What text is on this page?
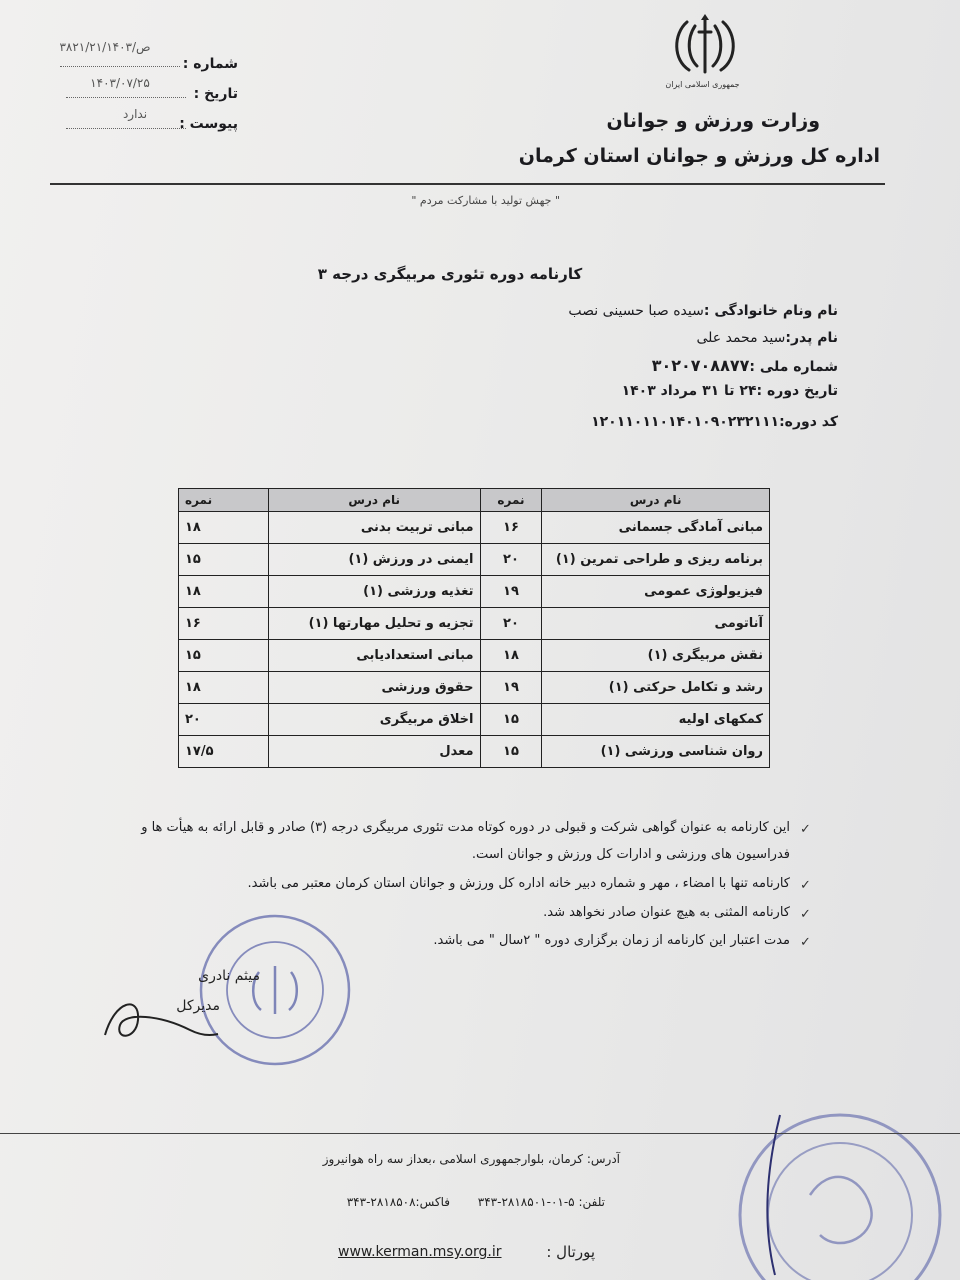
جمهوری اسلامی ایران
وزارت ورزش و جوانان
اداره کل ورزش و جوانان استان کرمان
شماره :
۳۸۲۱/ص/۲۱/۱۴۰۳
تاریخ :
۱۴۰۳/۰۷/۲۵
پیوست :
ندارد
" جهش تولید با مشارکت مردم "
کارنامه دوره تئوری مربیگری درجه ۳
نام ونام خانوادگی :سیده صبا حسینی نصب
نام پدر:سید محمد علی
شماره ملی :۳۰۲۰۷۰۸۸۷۷
تاریخ دوره :۲۴ تا ۳۱ مرداد ۱۴۰۳
کد دوره:۱۲۰۱۱۰۱۱۰۱۴۰۱۰۹۰۲۳۲۱۱۱
نام درس	نمره	نام درس	نمره
مبانی آمادگی جسمانی	۱۶	مبانی تربیت بدنی	۱۸
برنامه ریزی و طراحی تمرین (۱)	۲۰	ایمنی در ورزش (۱)	۱۵
فیزیولوژی عمومی	۱۹	تغذیه ورزشی (۱)	۱۸
آناتومی	۲۰	تجزیه و تحلیل مهارتها (۱)	۱۶
نقش مربیگری (۱)	۱۸	مبانی استعدادیابی	۱۵
رشد و تکامل حرکتی (۱)	۱۹	حقوق ورزشی	۱۸
کمکهای اولیه	۱۵	اخلاق مربیگری	۲۰
روان شناسی ورزشی (۱)	۱۵	معدل	۱۷/۵
این کارنامه به عنوان گواهی شرکت و قبولی در دوره کوتاه مدت تئوری مربیگری درجه (۳) صادر و قابل ارائه به هیأت ها و
فدراسیون های ورزشی و ادارات کل ورزش و جوانان است.
کارنامه تنها با امضاء ، مهر و شماره دبیر خانه اداره کل ورزش و جوانان استان کرمان معتبر می باشد.
کارنامه المثنی به هیچ عنوان صادر نخواهد شد.
مدت اعتبار این کارنامه از زمان برگزاری دوره " ۲سال " می باشد.
✓
✓
✓
✓
میثم نادری
مدیرکل
آدرس: کرمان، بلوارجمهوری اسلامی ،بعداز سه راه هوانیروز
تلفن: ۵-۰۱-۲۸۱۸۵۰۱-۳۴۳
فاکس:۲۸۱۸۵۰۸-۳۴۳
پورتال :
www.kerman.msy.org.ir
